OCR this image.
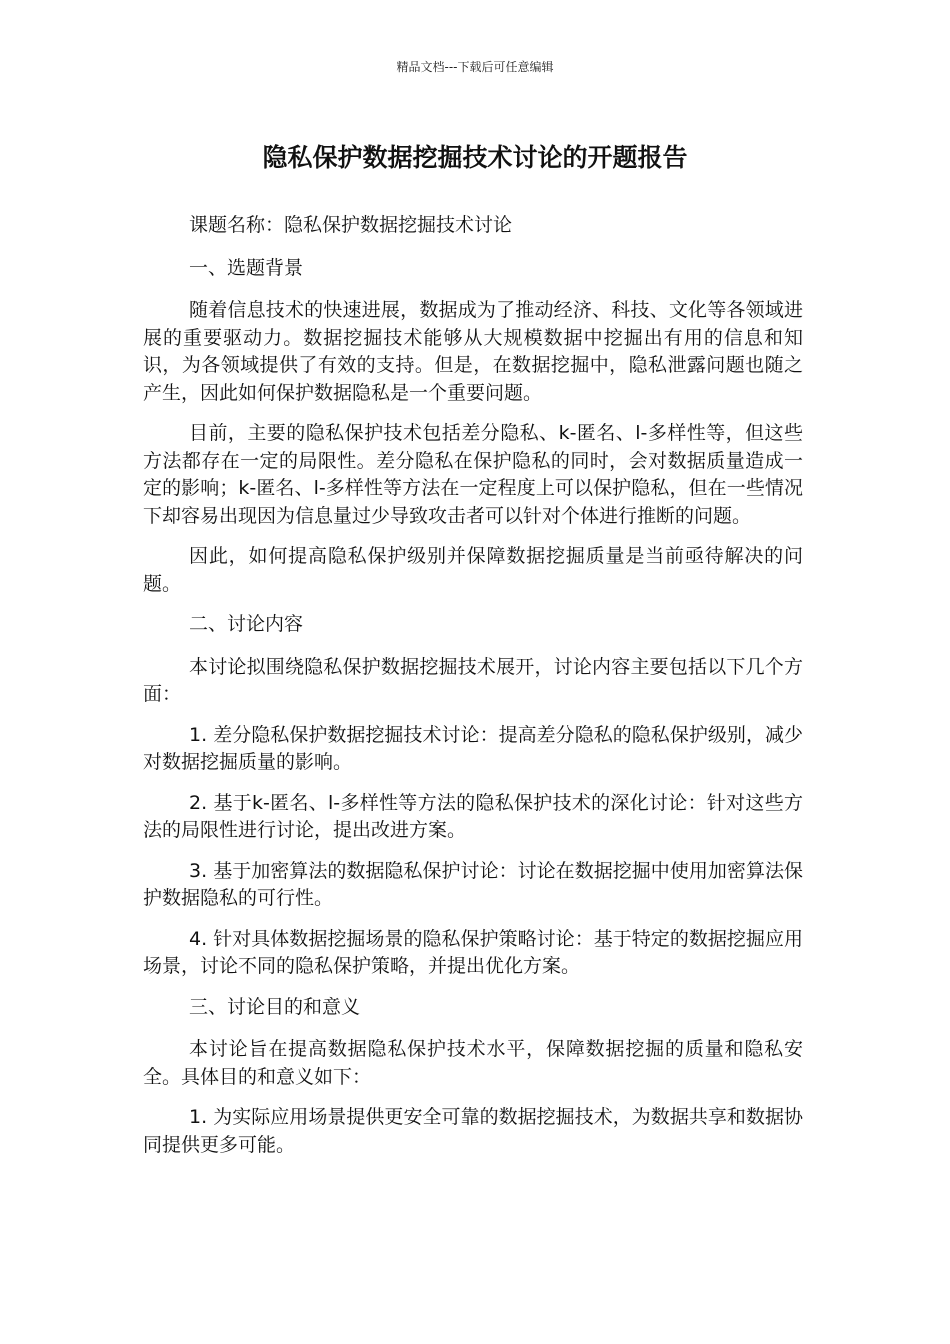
精品文档---下载后可任意编辑
隐私保护数据挖掘技术讨论的开题报告

课题名称：隐私保护数据挖掘技术讨论

一、选题背景

随着信息技术的快速进展，数据成为了推动经济、科技、文化等各领域进展的重要驱动力。数据挖掘技术能够从大规模数据中挖掘出有用的信息和知识，为各领域提供了有效的支持。但是，在数据挖掘中，隐私泄露问题也随之产生，因此如何保护数据隐私是一个重要问题。

目前，主要的隐私保护技术包括差分隐私、k-匿名、l-多样性等，但这些方法都存在一定的局限性。差分隐私在保护隐私的同时，会对数据质量造成一定的影响；k-匿名、l-多样性等方法在一定程度上可以保护隐私，但在一些情况下却容易出现因为信息量过少导致攻击者可以针对个体进行推断的问题。

因此，如何提高隐私保护级别并保障数据挖掘质量是当前亟待解决的问题。

二、讨论内容

本讨论拟围绕隐私保护数据挖掘技术展开，讨论内容主要包括以下几个方面：

1. 差分隐私保护数据挖掘技术讨论：提高差分隐私的隐私保护级别，减少对数据挖掘质量的影响。

2. 基于k-匿名、l-多样性等方法的隐私保护技术的深化讨论：针对这些方法的局限性进行讨论，提出改进方案。

3. 基于加密算法的数据隐私保护讨论：讨论在数据挖掘中使用加密算法保护数据隐私的可行性。

4. 针对具体数据挖掘场景的隐私保护策略讨论：基于特定的数据挖掘应用场景，讨论不同的隐私保护策略，并提出优化方案。

三、讨论目的和意义

本讨论旨在提高数据隐私保护技术水平，保障数据挖掘的质量和隐私安全。具体目的和意义如下：

1. 为实际应用场景提供更安全可靠的数据挖掘技术，为数据共享和数据协同提供更多可能。
